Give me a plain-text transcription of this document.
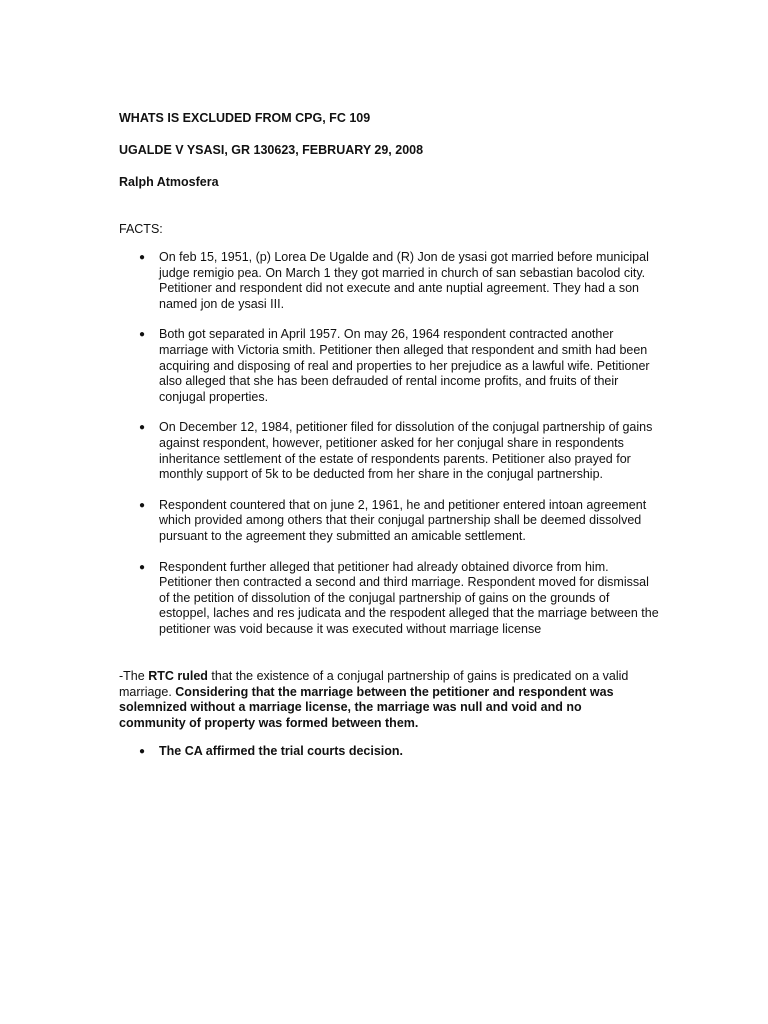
WHATS IS EXCLUDED FROM CPG, FC 109

UGALDE V YSASI, GR 130623, FEBRUARY 29, 2008

Ralph Atmosfera

FACTS:

● On feb 15, 1951, (p) Lorea De Ugalde and (R) Jon de ysasi got married before municipal judge remigio pea. On March 1 they got married in church of san sebastian bacolod city. Petitioner and respondent did not execute and ante nuptial agreement. They had a son named jon de ysasi III.
● Both got separated in April 1957. On may 26, 1964 respondent contracted another marriage with Victoria smith. Petitioner then alleged that respondent and smith had been acquiring and disposing of real and properties to her prejudice as a lawful wife. Petitioner also alleged that she has been defrauded of rental income profits, and fruits of their conjugal properties.
● On December 12, 1984, petitioner filed for dissolution of the conjugal partnership of gains against respondent, however, petitioner asked for her conjugal share in respondents inheritance settlement of the estate of respondents parents. Petitioner also prayed for monthly support of 5k to be deducted from her share in the conjugal partnership.
● Respondent countered that on june 2, 1961, he and petitioner entered intoan agreement which provided among others that their conjugal partnership shall be deemed dissolved pursuant to the agreement they submitted an amicable settlement.
● Respondent further alleged that petitioner had already obtained divorce from him. Petitioner then contracted a second and third marriage. Respondent moved for dismissal of the petition of dissolution of the conjugal partnership of gains on the grounds of estoppel, laches and res judicata and the respodent alleged that the marriage between the petitioner was void because it was executed without marriage license

-The RTC ruled that the existence of a conjugal partnership of gains is predicated on a valid marriage. Considering that the marriage between the petitioner and respondent was solemnized without a marriage license, the marriage was null and void and no community of property was formed between them.

● The CA affirmed the trial courts decision.
